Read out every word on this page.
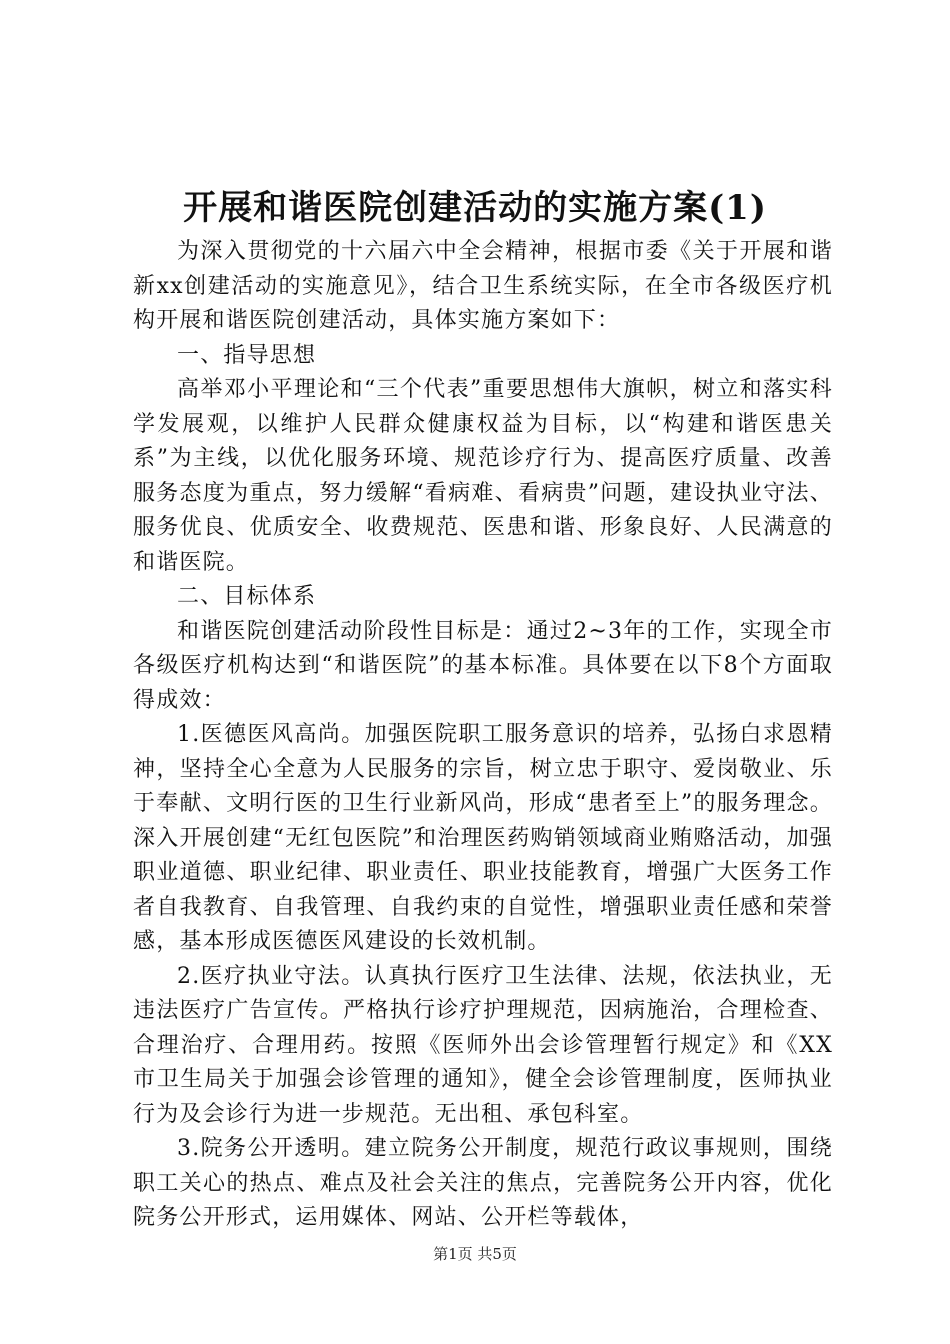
开展和谐医院创建活动的实施方案(1)

为深入贯彻党的十六届六中全会精神，根据市委《关于开展和谐新xx创建活动的实施意见》，结合卫生系统实际，在全市各级医疗机构开展和谐医院创建活动，具体实施方案如下：

一、指导思想

高举邓小平理论和“三个代表”重要思想伟大旗帜，树立和落实科学发展观，以维护人民群众健康权益为目标，以“构建和谐医患关系”为主线，以优化服务环境、规范诊疗行为、提高医疗质量、改善服务态度为重点，努力缓解“看病难、看病贵”问题，建设执业守法、服务优良、优质安全、收费规范、医患和谐、形象良好、人民满意的和谐医院。

二、目标体系

和谐医院创建活动阶段性目标是：通过2~3年的工作，实现全市各级医疗机构达到“和谐医院”的基本标准。具体要在以下8个方面取得成效：

1.医德医风高尚。加强医院职工服务意识的培养，弘扬白求恩精神，坚持全心全意为人民服务的宗旨，树立忠于职守、爱岗敬业、乐于奉献、文明行医的卫生行业新风尚，形成“患者至上”的服务理念。深入开展创建“无红包医院”和治理医药购销领域商业贿赂活动，加强职业道德、职业纪律、职业责任、职业技能教育，增强广大医务工作者自我教育、自我管理、自我约束的自觉性，增强职业责任感和荣誉感，基本形成医德医风建设的长效机制。

2.医疗执业守法。认真执行医疗卫生法律、法规，依法执业，无违法医疗广告宣传。严格执行诊疗护理规范，因病施治，合理检查、合理治疗、合理用药。按照《医师外出会诊管理暂行规定》和《XX市卫生局关于加强会诊管理的通知》，健全会诊管理制度，医师执业行为及会诊行为进一步规范。无出租、承包科室。

3.院务公开透明。建立院务公开制度，规范行政议事规则，围绕职工关心的热点、难点及社会关注的焦点，完善院务公开内容，优化院务公开形式，运用媒体、网站、公开栏等载体，

第1页 共5页
